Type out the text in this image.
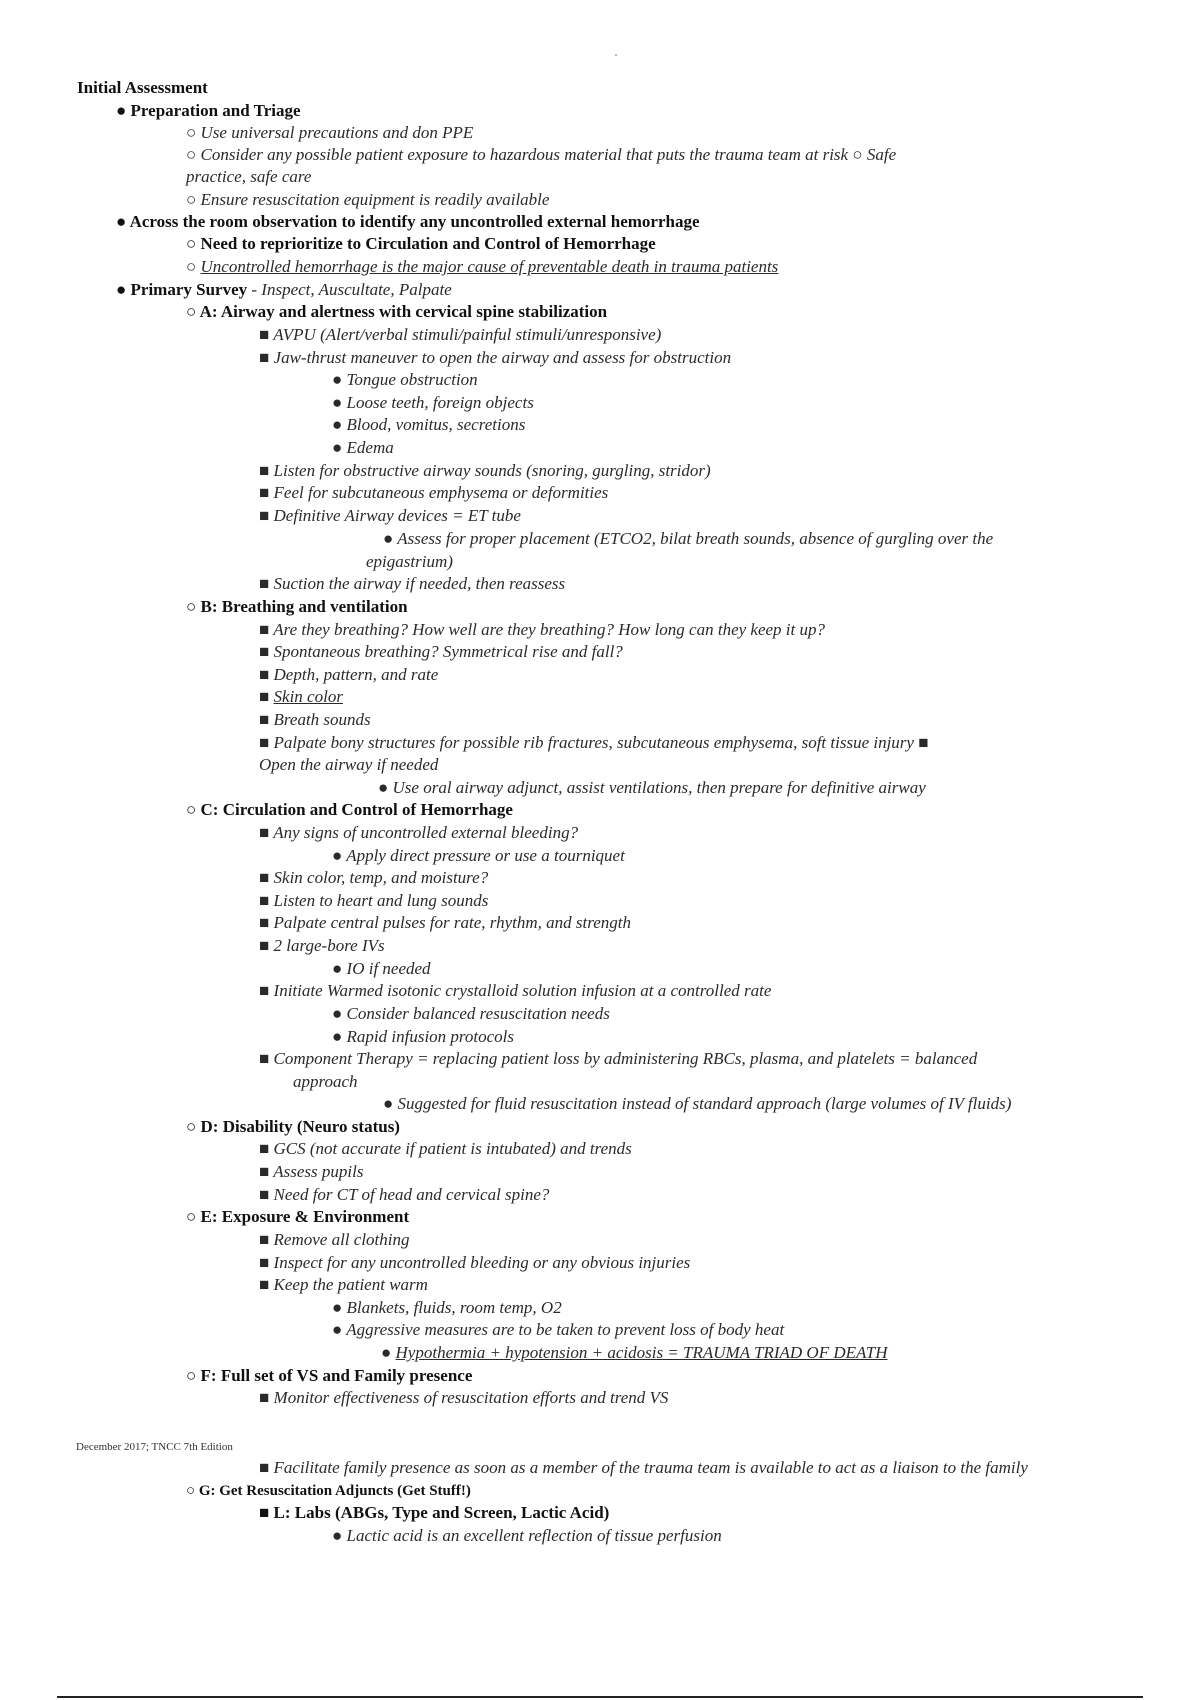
Initial Assessment
● Preparation and Triage
○ Use universal precautions and don PPE
○ Consider any possible patient exposure to hazardous material that puts the trauma team at risk ○ Safe
practice, safe care
○ Ensure resuscitation equipment is readily available
● Across the room observation to identify any uncontrolled external hemorrhage
○ Need to reprioritize to Circulation and Control of Hemorrhage
○ Uncontrolled hemorrhage is the major cause of preventable death in trauma patients
● Primary Survey - Inspect, Auscultate, Palpate
○ A: Airway and alertness with cervical spine stabilization
■ AVPU (Alert/verbal stimuli/painful stimuli/unresponsive)
■ Jaw-thrust maneuver to open the airway and assess for obstruction
● Tongue obstruction
● Loose teeth, foreign objects
● Blood, vomitus, secretions
● Edema
■ Listen for obstructive airway sounds (snoring, gurgling, stridor)
■ Feel for subcutaneous emphysema or deformities
■ Definitive Airway devices = ET tube
● Assess for proper placement (ETCO2, bilat breath sounds, absence of gurgling over the
epigastrium)
■ Suction the airway if needed, then reassess
○ B: Breathing and ventilation
■ Are they breathing? How well are they breathing? How long can they keep it up?
■ Spontaneous breathing? Symmetrical rise and fall?
■ Depth, pattern, and rate
■ Skin color
■ Breath sounds
■ Palpate bony structures for possible rib fractures, subcutaneous emphysema, soft tissue injury ■
Open the airway if needed
● Use oral airway adjunct, assist ventilations, then prepare for definitive airway
○ C: Circulation and Control of Hemorrhage
■ Any signs of uncontrolled external bleeding?
● Apply direct pressure or use a tourniquet
■ Skin color, temp, and moisture?
■ Listen to heart and lung sounds
■ Palpate central pulses for rate, rhythm, and strength
■ 2 large-bore IVs
● IO if needed
■ Initiate Warmed isotonic crystalloid solution infusion at a controlled rate
● Consider balanced resuscitation needs
● Rapid infusion protocols
■ Component Therapy = replacing patient loss by administering RBCs, plasma, and platelets = balanced
approach
● Suggested for fluid resuscitation instead of standard approach (large volumes of IV fluids)
○ D: Disability (Neuro status)
■ GCS (not accurate if patient is intubated) and trends
■ Assess pupils
■ Need for CT of head and cervical spine?
○ E: Exposure & Environment
■ Remove all clothing
■ Inspect for any uncontrolled bleeding or any obvious injuries
■ Keep the patient warm
● Blankets, fluids, room temp, O2
● Aggressive measures are to be taken to prevent loss of body heat
● Hypothermia + hypotension + acidosis = TRAUMA TRIAD OF DEATH
○ F: Full set of VS and Family presence
■ Monitor effectiveness of resuscitation efforts and trend VS
December 2017; TNCC 7th Edition
■ Facilitate family presence as soon as a member of the trauma team is available to act as a liaison to the family
○ G: Get Resuscitation Adjuncts (Get Stuff!)
■ L: Labs (ABGs, Type and Screen, Lactic Acid)
● Lactic acid is an excellent reflection of tissue perfusion
